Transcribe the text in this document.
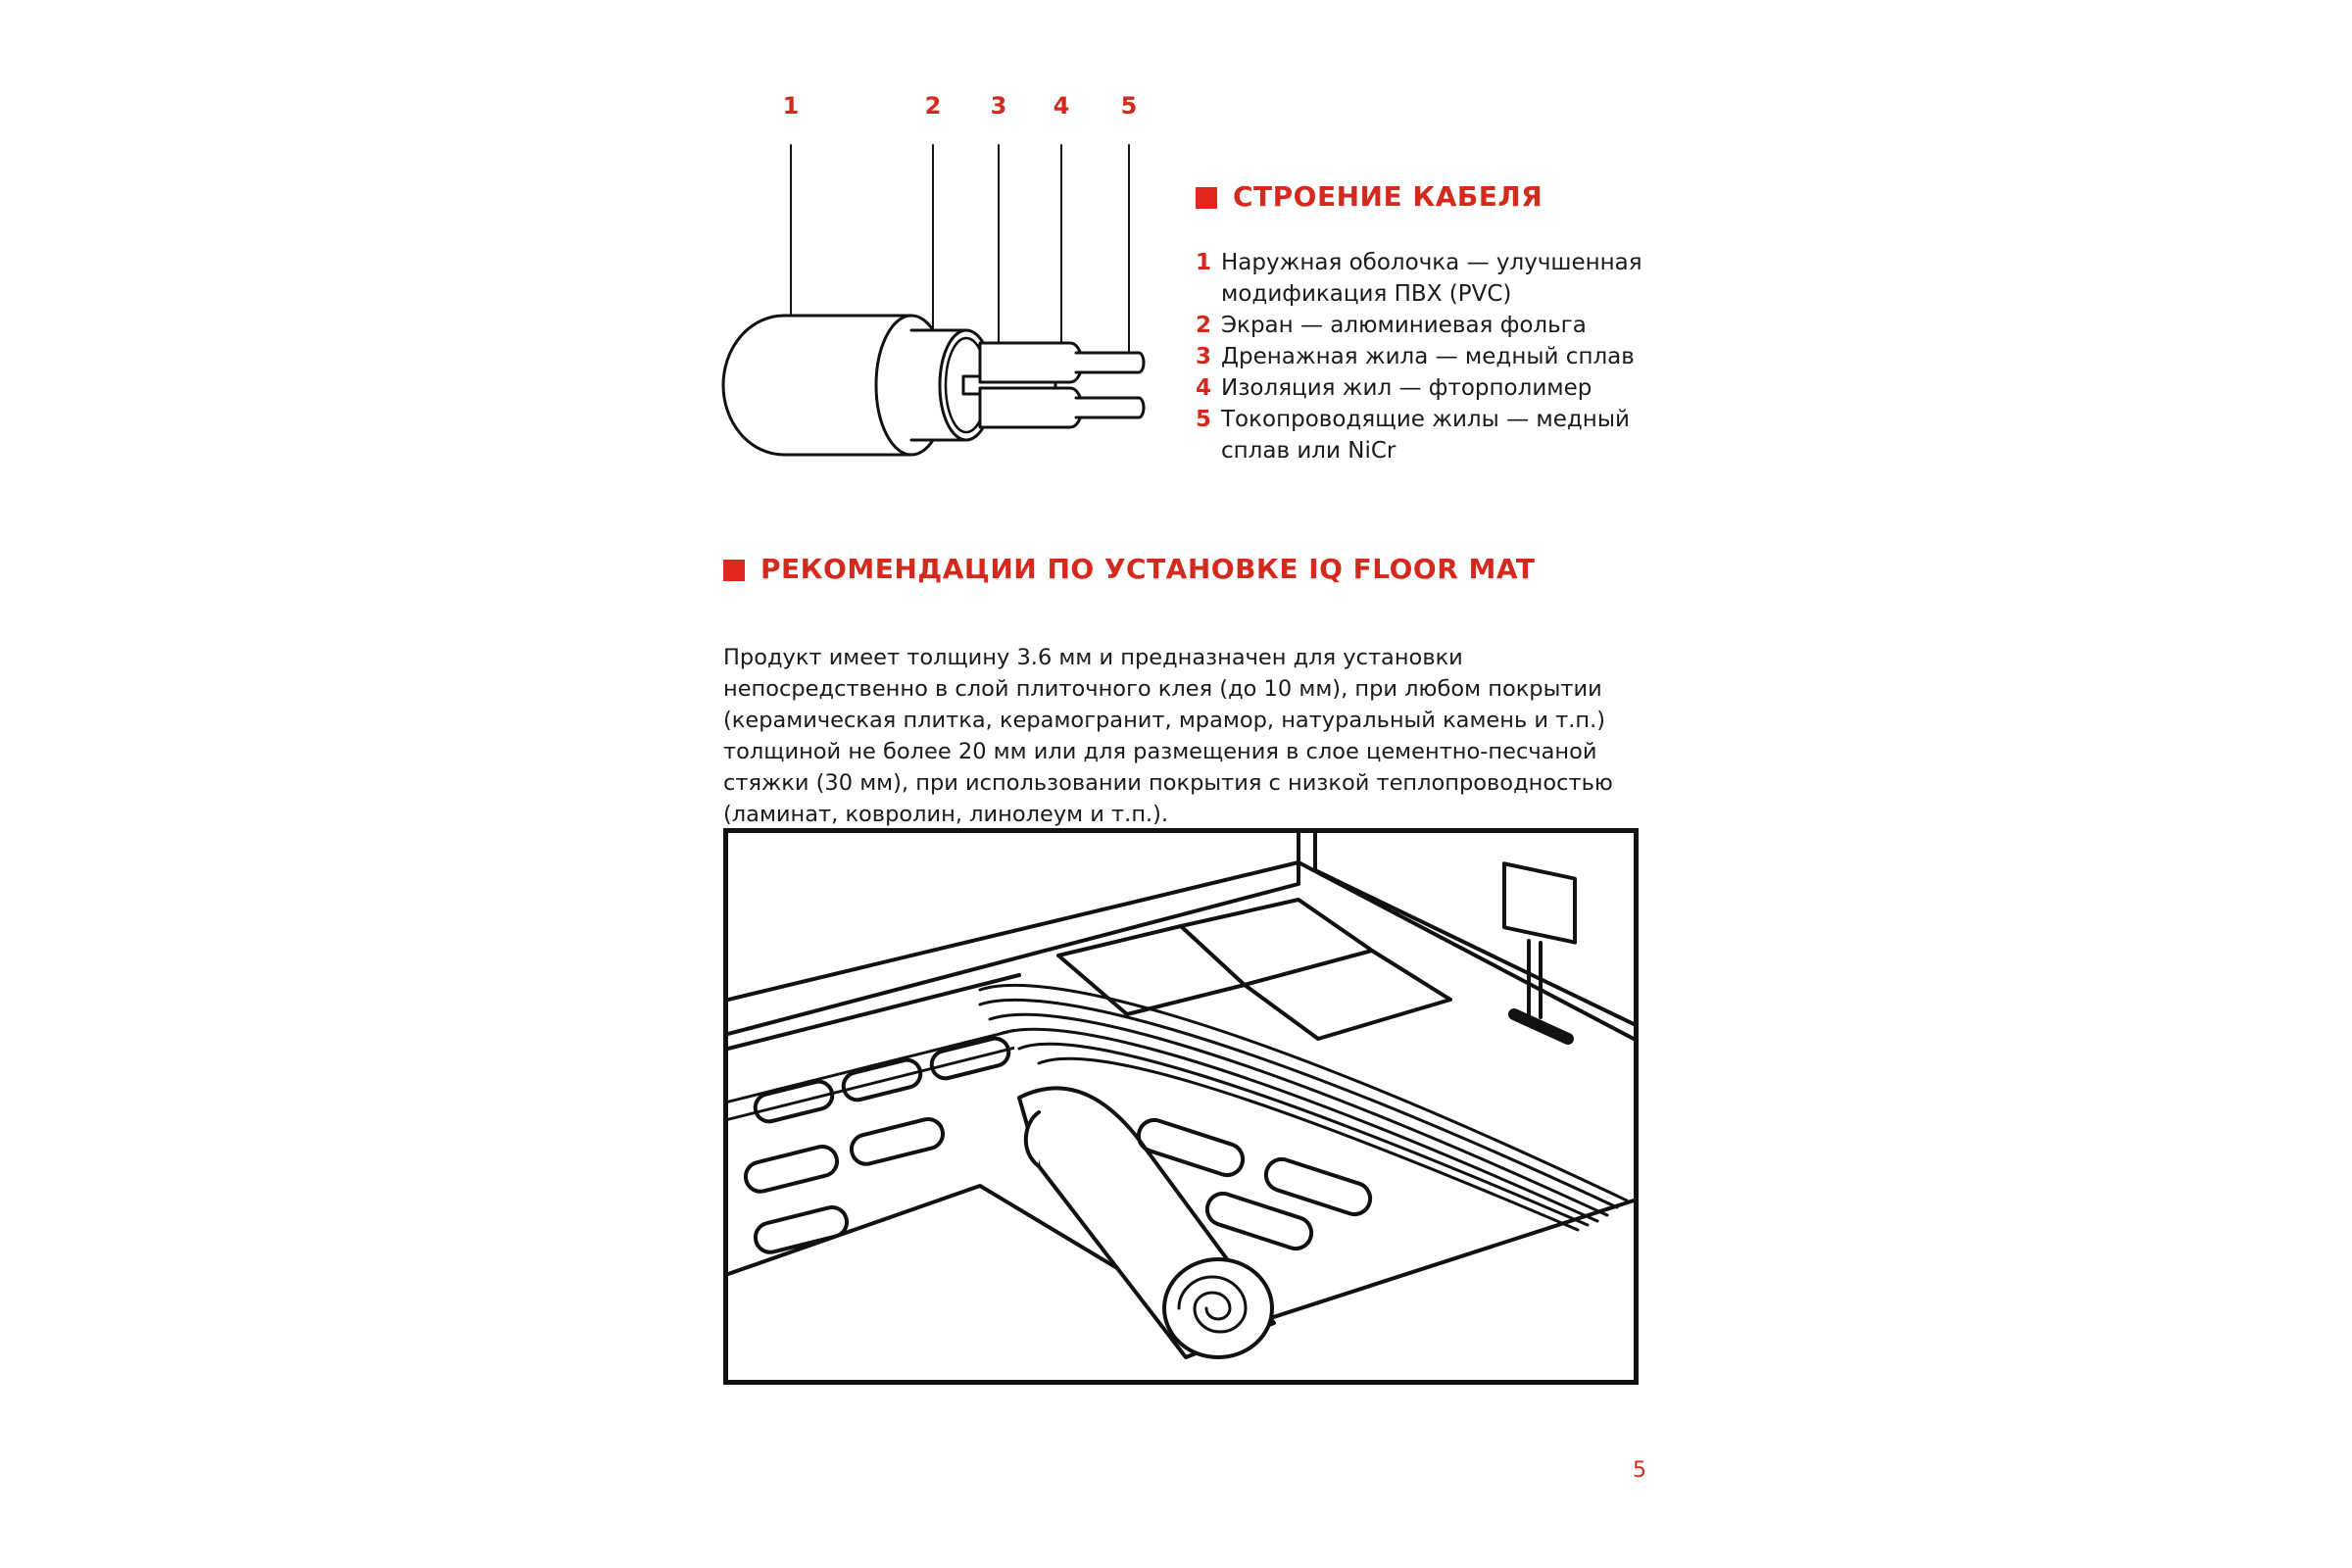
1	2	3	4	5
СТРОЕНИЕ КАБЕЛЯ
1 Наружная оболочка — улучшенная модификация ПВХ (PVC)
2 Экран — алюминиевая фольга
3 Дренажная жила — медный сплав
4 Изоляция жил — фторполимер
5 Токопроводящие жилы — медный сплав или NiCr
РЕКОМЕНДАЦИИ ПО УСТАНОВКЕ IQ FLOOR MAT

Продукт имеет толщину 3.6 мм и предназначен для установки непосредственно в слой плиточного клея (до 10 мм), при любом покрытии (керамическая плитка, керамогранит, мрамор, натуральный камень и т.п.) толщиной не более 20 мм или для размещения в слое цементно-песчаной стяжки (30 мм), при использовании покрытия с низкой теплопроводностью (ламинат, ковролин, линолеум и т.п.).

5
